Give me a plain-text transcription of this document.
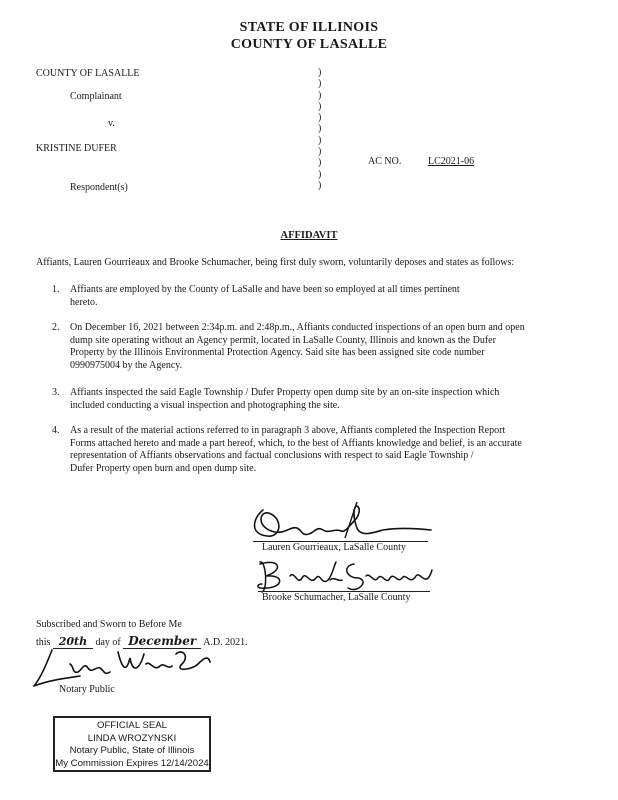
STATE OF ILLINOIS
COUNTY OF LASALLE
COUNTY OF LASALLE
Complainant
v.
KRISTINE DUFER
Respondent(s)
AC NO.	LC2021-06
)
)
)
)
)
)
)
)
)
)
)
AFFIDAVIT
Affiants, Lauren Gourrieaux and Brooke Schumacher, being first duly sworn, voluntarily deposes and states as follows:
1. Affiants are employed by the County of LaSalle and have been so employed at all times pertinent
hereto.
2. On December 16, 2021 between 2:34p.m. and 2:48p.m., Affiants conducted inspections of an open burn and open
dump site operating without an Agency permit, located in LaSalle County, Illinois and known as the Dufer
Property by the Illinois Environmental Protection Agency. Said site has been assigned site code number
0990975004 by the Agency.
3. Affiants inspected the said Eagle Township / Dufer Property open dump site by an on-site inspection which
included conducting a visual inspection and photographing the site.
4. As a result of the material actions referred to in paragraph 3 above, Affiants completed the Inspection Report
Forms attached hereto and made a part hereof, which, to the best of Affiants knowledge and belief, is an accurate
representation of Affiants observations and factual conclusions with respect to said Eagle Township /
Dufer Property open burn and open dump site.
Lauren Gourrieaux, LaSalle County
Brooke Schumacher, LaSalle County
Subscribed and Sworn to Before Me
this 20th day of December A.D. 2021.
Notary Public
OFFICIAL SEAL
LINDA WROZYNSKI
Notary Public, State of Illinois
My Commission Expires 12/14/2024
